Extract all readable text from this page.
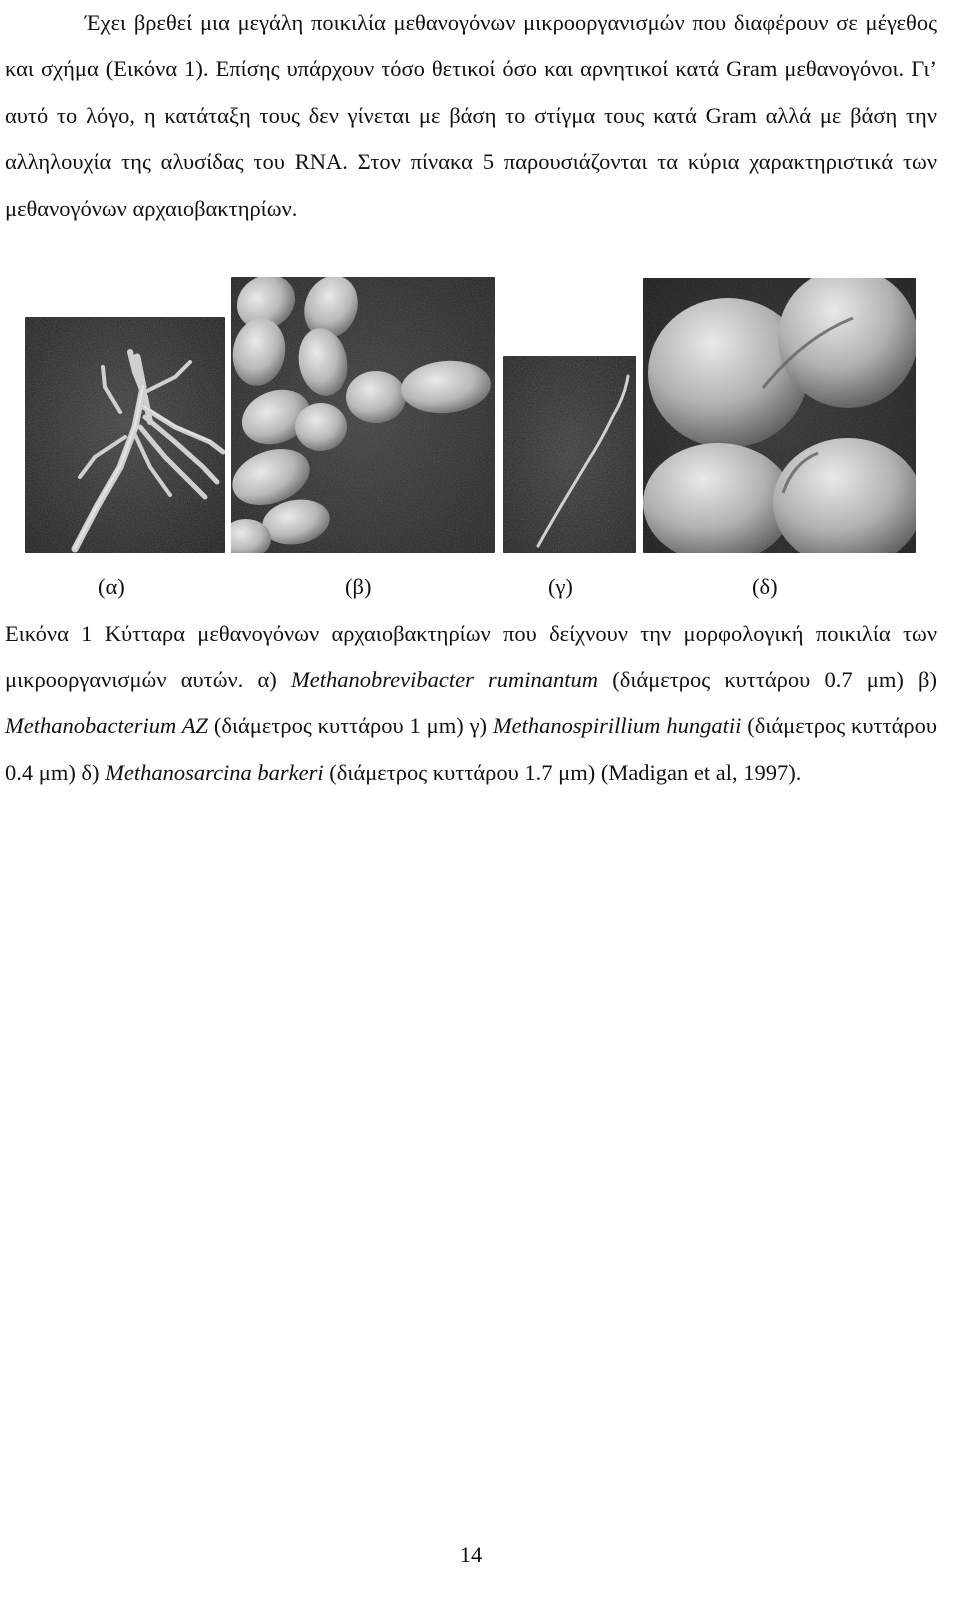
Έχει βρεθεί μια μεγάλη ποικιλία μεθανογόνων μικροοργανισμών που διαφέρουν σε μέγεθος και σχήμα (Εικόνα 1). Επίσης υπάρχουν τόσο θετικοί όσο και αρνητικοί κατά Gram μεθανογόνοι. Γι’ αυτό το λόγο, η κατάταξη τους δεν γίνεται με βάση το στίγμα τους κατά Gram αλλά με βάση την αλληλουχία της αλυσίδας του RNA. Στον πίνακα 5 παρουσιάζονται τα κύρια χαρακτηριστικά των μεθανογόνων αρχαιοβακτηρίων.

(α)	(β)	(γ)	(δ)

Εικόνα 1 Κύτταρα μεθανογόνων αρχαιοβακτηρίων που δείχνουν την μορφολογική ποικιλία των μικροοργανισμών αυτών. α) Methanobrevibacter ruminantum (διάμετρος κυττάρου 0.7 μm) β) Methanobacterium AZ (διάμετρος κυττάρου 1 μm) γ) Methanospirillium hungatii (διάμετρος κυττάρου 0.4 μm) δ) Methanosarcina barkeri (διάμετρος κυττάρου 1.7 μm) (Madigan et al, 1997).

14
